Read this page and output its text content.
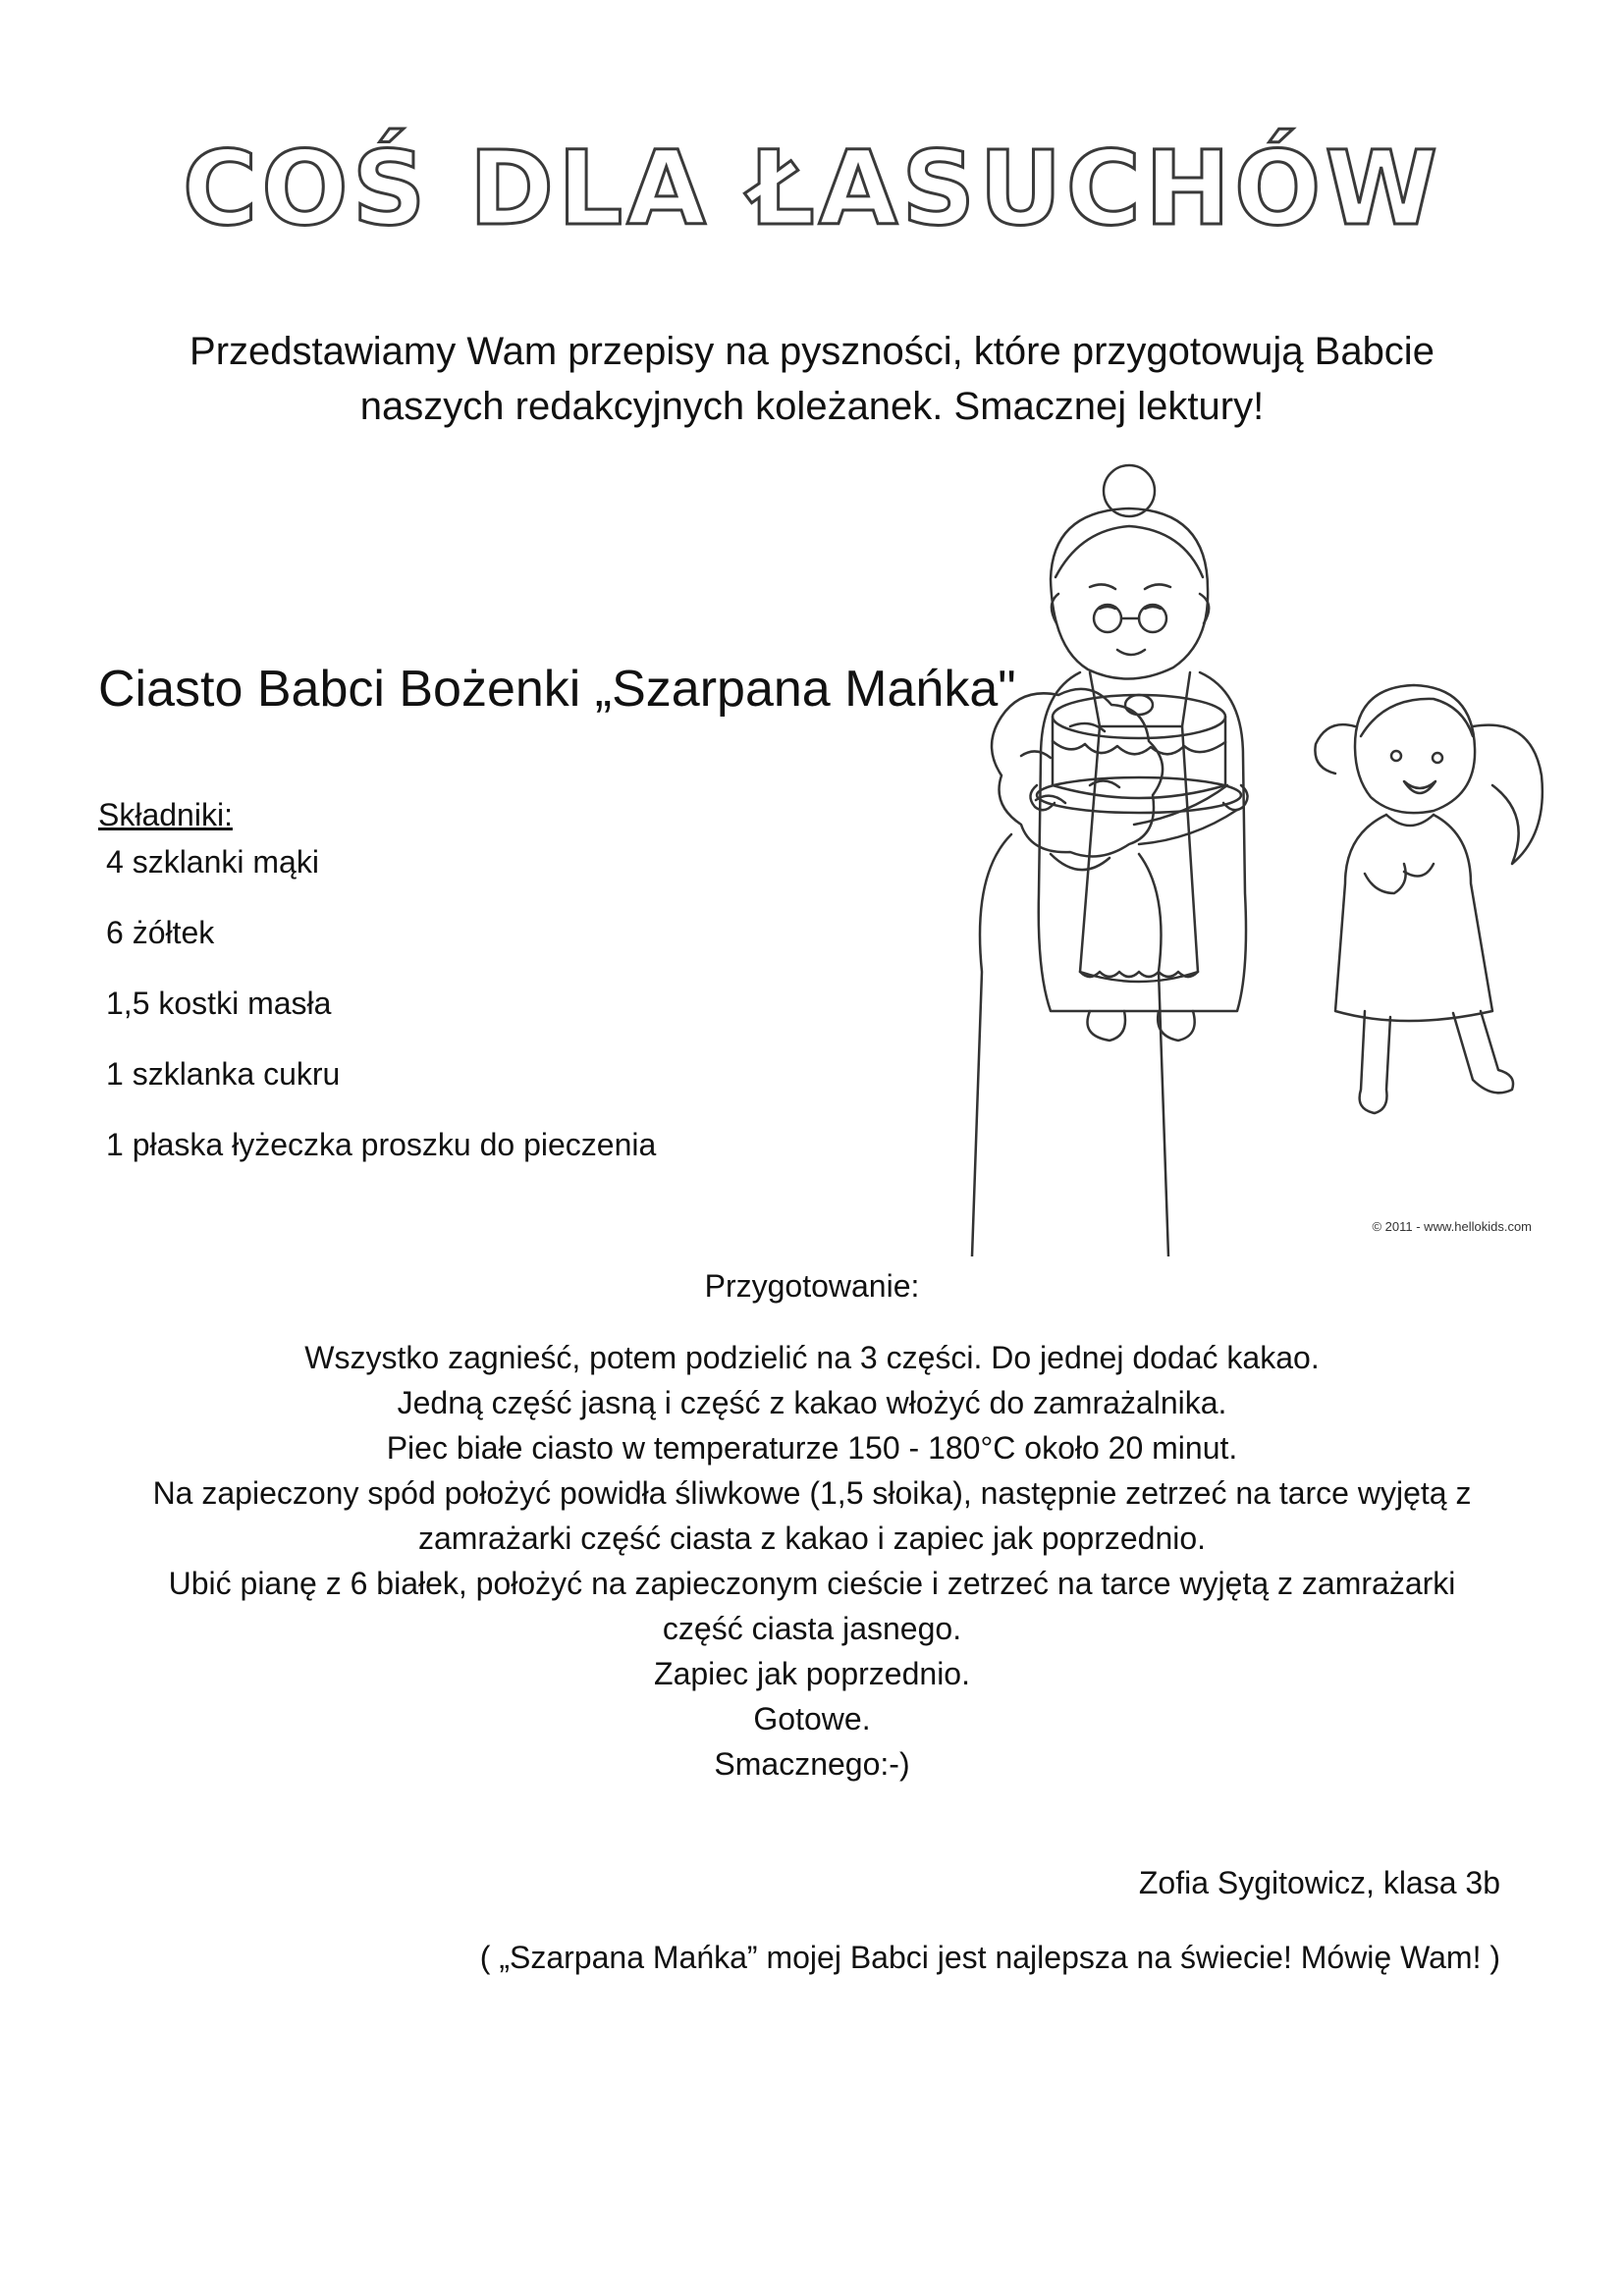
COŚ DLA ŁASUCHÓW
Przedstawiamy Wam przepisy na pyszności, które przygotowują Babcie
naszych redakcyjnych koleżanek. Smacznej lektury!
Ciasto Babci Bożenki „Szarpana Mańka"
Składniki:
4 szklanki mąki
6 żółtek
1,5 kostki masła
1 szklanka cukru
1 płaska łyżeczka proszku do pieczenia
© 2011 - www.hellokids.com
Przygotowanie:
Wszystko zagnieść, potem podzielić na 3 części. Do jednej dodać kakao.
Jedną część jasną i część z kakao włożyć do zamrażalnika.
Piec białe ciasto w temperaturze 150 - 180°C około 20 minut.
Na zapieczony spód położyć powidła śliwkowe (1,5 słoika), następnie zetrzeć na tarce wyjętą z
zamrażarki część ciasta z kakao i zapiec jak poprzednio.
Ubić pianę z 6 białek, położyć na zapieczonym cieście i zetrzeć na tarce wyjętą z zamrażarki
część ciasta jasnego.
Zapiec jak poprzednio.
Gotowe.
Smacznego:-)
Zofia Sygitowicz, klasa 3b
( „Szarpana Mańka” mojej Babci jest najlepsza na świecie! Mówię Wam! )
